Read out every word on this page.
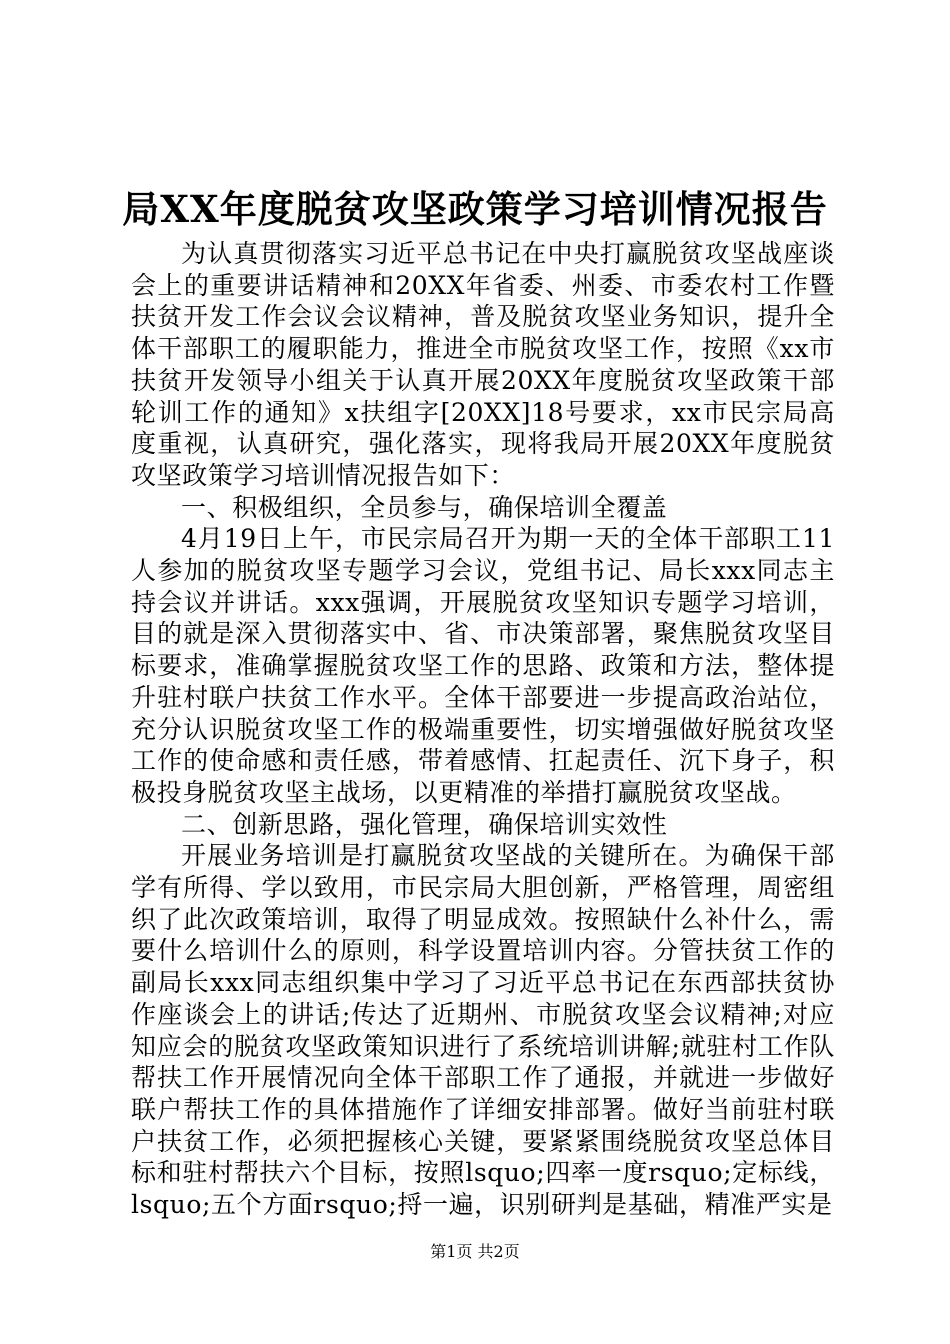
局XX年度脱贫攻坚政策学习培训情况报告

为认真贯彻落实习近平总书记在中央打赢脱贫攻坚战座谈会上的重要讲话精神和20XX年省委、州委、市委农村工作暨扶贫开发工作会议会议精神，普及脱贫攻坚业务知识，提升全体干部职工的履职能力，推进全市脱贫攻坚工作，按照《xx市扶贫开发领导小组关于认真开展20XX年度脱贫攻坚政策干部轮训工作的通知》x扶组字[20XX]18号要求，xx市民宗局高度重视，认真研究，强化落实，现将我局开展20XX年度脱贫攻坚政策学习培训情况报告如下：

一、积极组织，全员参与，确保培训全覆盖

4月19日上午，市民宗局召开为期一天的全体干部职工11人参加的脱贫攻坚专题学习会议，党组书记、局长xxx同志主持会议并讲话。xxx强调，开展脱贫攻坚知识专题学习培训，目的就是深入贯彻落实中、省、市决策部署，聚焦脱贫攻坚目标要求，准确掌握脱贫攻坚工作的思路、政策和方法，整体提升驻村联户扶贫工作水平。全体干部要进一步提高政治站位，充分认识脱贫攻坚工作的极端重要性，切实增强做好脱贫攻坚工作的使命感和责任感，带着感情、扛起责任、沉下身子，积极投身脱贫攻坚主战场，以更精准的举措打赢脱贫攻坚战。

二、创新思路，强化管理，确保培训实效性

开展业务培训是打赢脱贫攻坚战的关键所在。为确保干部学有所得、学以致用，市民宗局大胆创新，严格管理，周密组织了此次政策培训，取得了明显成效。按照缺什么补什么，需要什么培训什么的原则，科学设置培训内容。分管扶贫工作的副局长xxx同志组织集中学习了习近平总书记在东西部扶贫协作座谈会上的讲话;传达了近期州、市脱贫攻坚会议精神;对应知应会的脱贫攻坚政策知识进行了系统培训讲解;就驻村工作队帮扶工作开展情况向全体干部职工作了通报，并就进一步做好联户帮扶工作的具体措施作了详细安排部署。做好当前驻村联户扶贫工作，必须把握核心关键，要紧紧围绕脱贫攻坚总体目标和驻村帮扶六个目标，按照lsquo;四率一度rsquo;定标线，lsquo;五个方面rsquo;捋一遍，识别研判是基础，精准严实是

第1页 共2页
